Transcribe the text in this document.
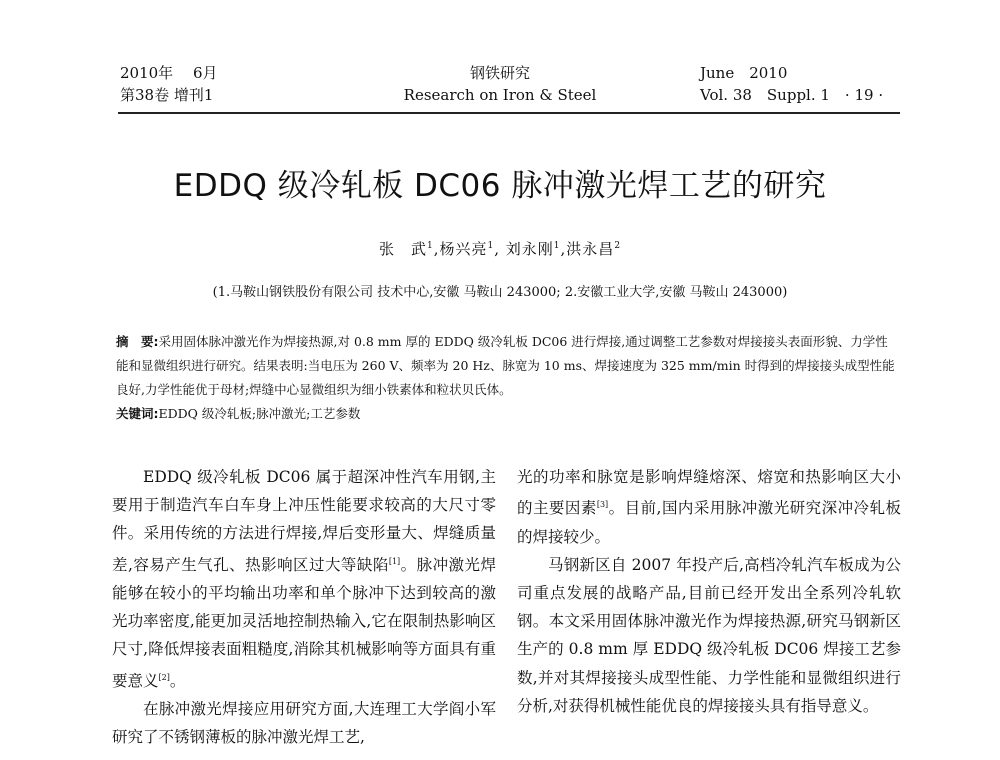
2010年　 6月
第38卷 增刊1
钢铁研究
Research on Iron & Steel
June　2010
Vol. 38　Suppl. 1　· 19 ·
EDDQ 级冷轧板 DC06 脉冲激光焊工艺的研究
张　武$^1$,杨兴亮$^1$, 刘永刚$^1$,洪永昌$^2$
(1.马鞍山钢铁股份有限公司 技术中心,安徽 马鞍山 243000; 2.安徽工业大学,安徽 马鞍山 243000)
摘　要:采用固体脉冲激光作为焊接热源,对 0.8 mm 厚的 EDDQ 级冷轧板 DC06 进行焊接,通过调整工艺参数对焊接接头表面形貌、力学性能和显微组织进行研究。结果表明:当电压为 260 V、频率为 20 Hz、脉宽为 10 ms、焊接速度为 325 mm/min 时得到的焊接接头成型性能良好,力学性能优于母材;焊缝中心显微组织为细小铁素体和粒状贝氏体。
关键词:EDDQ 级冷轧板;脉冲激光;工艺参数

EDDQ 级冷轧板 DC06 属于超深冲性汽车用钢,主要用于制造汽车白车身上冲压性能要求较高的大尺寸零件。采用传统的方法进行焊接,焊后变形量大、焊缝质量差,容易产生气孔、热影响区过大等缺陷[1]。脉冲激光焊能够在较小的平均输出功率和单个脉冲下达到较高的激光功率密度,能更加灵活地控制热输入,它在限制热影响区尺寸,降低焊接表面粗糙度,消除其机械影响等方面具有重要意义[2]。

在脉冲激光焊接应用研究方面,大连理工大学阎小军研究了不锈钢薄板的脉冲激光焊工艺,

光的功率和脉宽是影响焊缝熔深、熔宽和热影响区大小的主要因素[3]。目前,国内采用脉冲激光研究深冲冷轧板的焊接较少。

马钢新区自 2007 年投产后,高档冷轧汽车板成为公司重点发展的战略产品,目前已经开发出全系列冷轧软钢。本文采用固体脉冲激光作为焊接热源,研究马钢新区生产的 0.8 mm 厚 EDDQ 级冷轧板 DC06 焊接工艺参数,并对其焊接接头成型性能、力学性能和显微组织进行分析,对获得机械性能优良的焊接接头具有指导意义。
